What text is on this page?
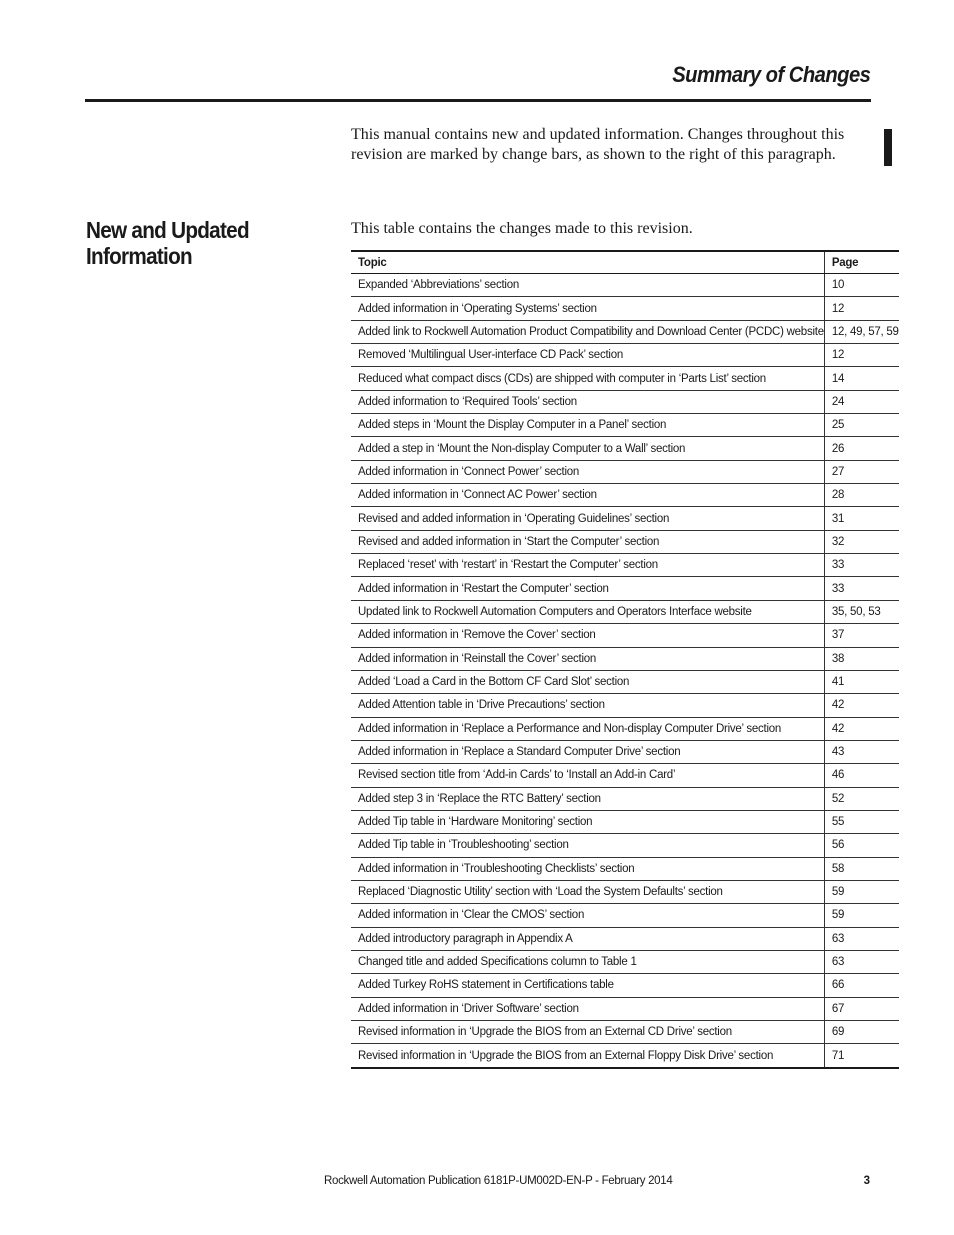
Summary of Changes
This manual contains new and updated information. Changes throughout this revision are marked by change bars, as shown to the right of this paragraph.
New and Updated Information
This table contains the changes made to this revision.
Topic	Page
Expanded ‘Abbreviations’ section	10
Added information in ‘Operating Systems’ section	12
Added link to Rockwell Automation Product Compatibility and Download Center (PCDC) website	12, 49, 57, 59
Removed ‘Multilingual User-interface CD Pack’ section	12
Reduced what compact discs (CDs) are shipped with computer in ‘Parts List’ section	14
Added information to ‘Required Tools’ section	24
Added steps in ‘Mount the Display Computer in a Panel’ section	25
Added a step in ‘Mount the Non-display Computer to a Wall’ section	26
Added information in ‘Connect Power’ section	27
Added information in ‘Connect AC Power’ section	28
Revised and added information in ‘Operating Guidelines’ section	31
Revised and added information in ‘Start the Computer’ section	32
Replaced ‘reset’ with ‘restart’ in ‘Restart the Computer’ section	33
Added information in ‘Restart the Computer’ section	33
Updated link to Rockwell Automation Computers and Operators Interface website	35, 50, 53
Added information in ‘Remove the Cover’ section	37
Added information in ‘Reinstall the Cover’ section	38
Added ‘Load a Card in the Bottom CF Card Slot’ section	41
Added Attention table in ‘Drive Precautions’ section	42
Added information in ‘Replace a Performance and Non-display Computer Drive’ section	42
Added information in ‘Replace a Standard Computer Drive’ section	43
Revised section title from ‘Add-in Cards’ to ‘Install an Add-in Card’	46
Added step 3 in ‘Replace the RTC Battery’ section	52
Added Tip table in ‘Hardware Monitoring’ section	55
Added Tip table in ‘Troubleshooting’ section	56
Added information in ‘Troubleshooting Checklists’ section	58
Replaced ‘Diagnostic Utility’ section with ‘Load the System Defaults’ section	59
Added information in ‘Clear the CMOS’ section	59
Added introductory paragraph in Appendix A	63
Changed title and added Specifications column to Table 1	63
Added Turkey RoHS statement in Certifications table	66
Added information in ‘Driver Software’ section	67
Revised information in ‘Upgrade the BIOS from an External CD Drive’ section	69
Revised information in ‘Upgrade the BIOS from an External Floppy Disk Drive’ section	71
Rockwell Automation Publication 6181P-UM002D-EN-P - February 2014	3
